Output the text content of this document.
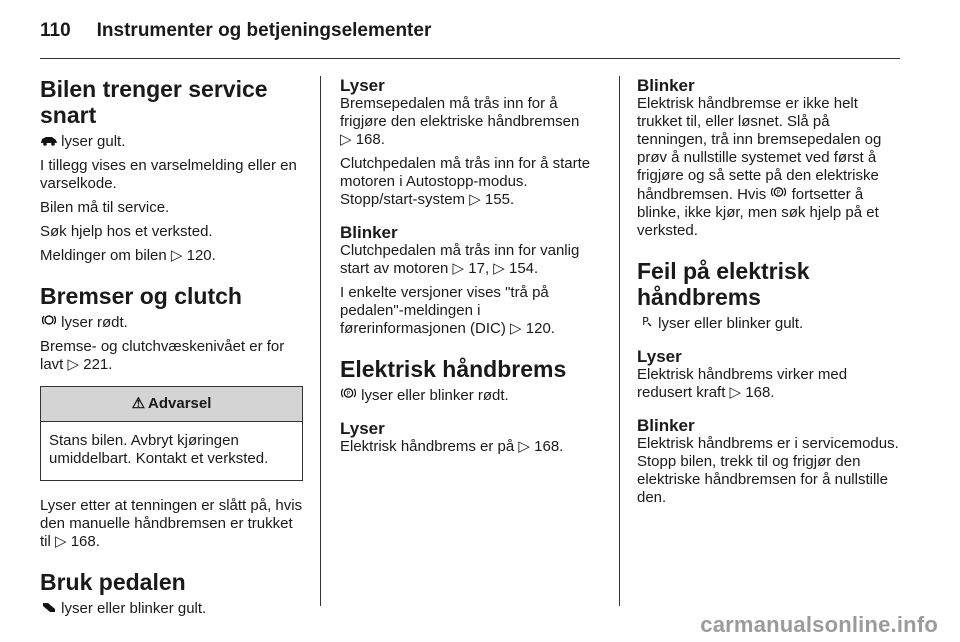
110 Instrumenter og betjeningselementer
Bilen trenger service snart

lyser gult.

I tillegg vises en varselmelding eller en varselkode.

Bilen må til service.

Søk hjelp hos et verksted.

Meldinger om bilen ▷ 120.

Bremser og clutch

lyser rødt.

Bremse- og clutchvæskenivået er for lavt ▷ 221.

⚠ Advarsel
Stans bilen. Avbryt kjøringen umiddelbart. Kontakt et verksted.

Lyser etter at tenningen er slått på, hvis den manuelle håndbremsen er trukket til ▷ 168.

Bruk pedalen

lyser eller blinker gult.

Lyser

Bremsepedalen må trås inn for å frigjøre den elektriske håndbremsen
▷ 168.

Clutchpedalen må trås inn for å starte motoren i Autostopp-modus. Stopp/start-system ▷ 155.

Blinker

Clutchpedalen må trås inn for vanlig start av motoren ▷ 17, ▷ 154.

I enkelte versjoner vises "trå på pedalen"-meldingen i førerinformasjonen (DIC) ▷ 120.

Elektrisk håndbrems

P lyser eller blinker rødt.

Lyser

Elektrisk håndbrems er på ▷ 168.

Blinker

Elektrisk håndbremse er ikke helt trukket til, eller løsnet. Slå på tenningen, trå inn bremsepedalen og prøv å nullstille systemet ved først å frigjøre og så sette på den elektriske håndbremsen. Hvis P fortsetter å blinke, ikke kjør, men søk hjelp på et verksted.

Feil på elektrisk håndbrems

P lyser eller blinker gult.

Lyser

Elektrisk håndbrems virker med redusert kraft ▷ 168.

Blinker

Elektrisk håndbrems er i servicemodus. Stopp bilen, trekk til og frigjør den elektriske håndbremsen for å nullstille den.

carmanualsonline.info
